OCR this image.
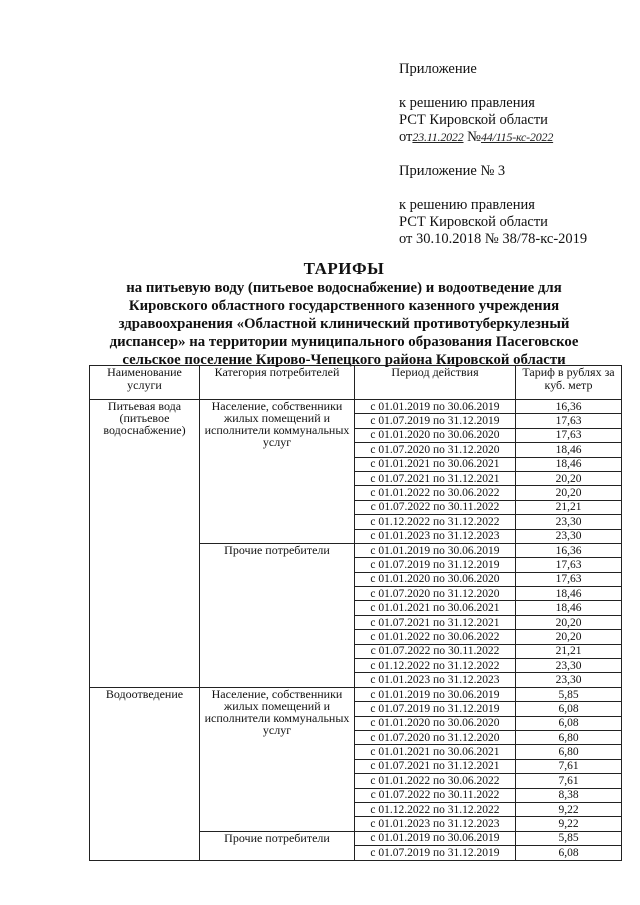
Приложение
к решению правления
РСТ Кировской области
от23.11.2022 №44/115-кс-2022
Приложение № 3
к решению правления
РСТ Кировской области
от 30.10.2018 № 38/78-кс-2019
ТАРИФЫ
на питьевую воду (питьевое водоснабжение) и водоотведение для
Кировского областного государственного казенного учреждения
здравоохранения «Областной клинический противотуберкулезный
диспансер» на территории муниципального образования Пасеговское
сельское поселение Кирово-Чепецкого района Кировской области
Наименование услуги	Категория потребителей	Период действия	Тариф в рублях за куб. метр
Питьевая вода (питьевое водоснабжение)	Население, собственники жилых помещений и исполнители коммунальных услуг	с 01.01.2019 по 30.06.2019	16,36
		с 01.07.2019 по 31.12.2019	17,63
		с 01.01.2020 по 30.06.2020	17,63
		с 01.07.2020 по 31.12.2020	18,46
		с 01.01.2021 по 30.06.2021	18,46
		с 01.07.2021 по 31.12.2021	20,20
		с 01.01.2022 по 30.06.2022	20,20
		с 01.07.2022 по 30.11.2022	21,21
		с 01.12.2022 по 31.12.2022	23,30
		с 01.01.2023 по 31.12.2023	23,30
	Прочие потребители	с 01.01.2019 по 30.06.2019	16,36
		с 01.07.2019 по 31.12.2019	17,63
		с 01.01.2020 по 30.06.2020	17,63
		с 01.07.2020 по 31.12.2020	18,46
		с 01.01.2021 по 30.06.2021	18,46
		с 01.07.2021 по 31.12.2021	20,20
		с 01.01.2022 по 30.06.2022	20,20
		с 01.07.2022 по 30.11.2022	21,21
		с 01.12.2022 по 31.12.2022	23,30
		с 01.01.2023 по 31.12.2023	23,30
Водоотведение	Население, собственники жилых помещений и исполнители коммунальных услуг	с 01.01.2019 по 30.06.2019	5,85
		с 01.07.2019 по 31.12.2019	6,08
		с 01.01.2020 по 30.06.2020	6,08
		с 01.07.2020 по 31.12.2020	6,80
		с 01.01.2021 по 30.06.2021	6,80
		с 01.07.2021 по 31.12.2021	7,61
		с 01.01.2022 по 30.06.2022	7,61
		с 01.07.2022 по 30.11.2022	8,38
		с 01.12.2022 по 31.12.2022	9,22
		с 01.01.2023 по 31.12.2023	9,22
	Прочие потребители	с 01.01.2019 по 30.06.2019	5,85
		с 01.07.2019 по 31.12.2019	6,08
